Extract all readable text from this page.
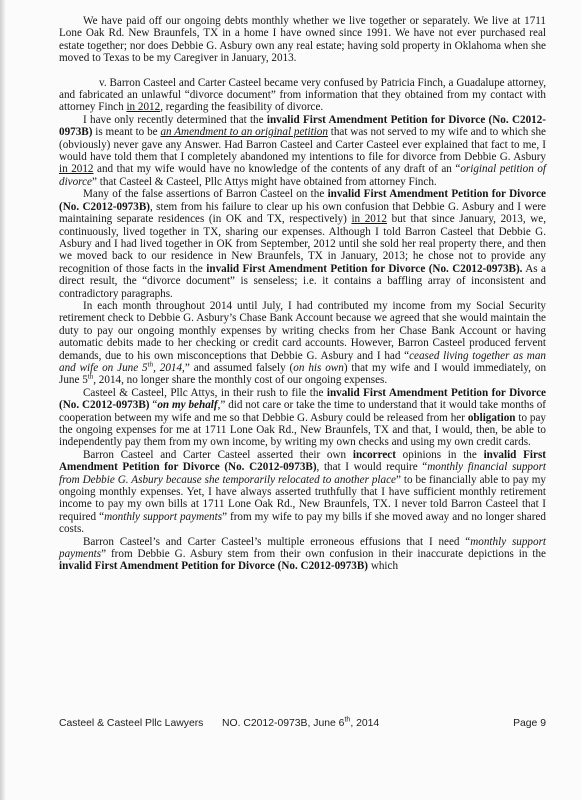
We have paid off our ongoing debts monthly whether we live together or separately. We live at 1711 Lone Oak Rd. New Braunfels, TX in a home I have owned since 1991. We have not ever purchased real estate together; nor does Debbie G. Asbury own any real estate; having sold property in Oklahoma when she moved to Texas to be my Caregiver in January, 2013.

v. Barron Casteel and Carter Casteel became very confused by Patricia Finch, a Guadalupe attorney, and fabricated an unlawful “divorce document” from information that they obtained from my contact with attorney Finch in 2012, regarding the feasibility of divorce.

I have only recently determined that the invalid First Amendment Petition for Divorce (No. C2012-0973B) is meant to be an Amendment to an original petition that was not served to my wife and to which she (obviously) never gave any Answer. Had Barron Casteel and Carter Casteel ever explained that fact to me, I would have told them that I completely abandoned my intentions to file for divorce from Debbie G. Asbury in 2012 and that my wife would have no knowledge of the contents of any draft of an “original petition of divorce” that Casteel & Casteel, Pllc Attys might have obtained from attorney Finch.

Many of the false assertions of Barron Casteel on the invalid First Amendment Petition for Divorce (No. C2012-0973B), stem from his failure to clear up his own confusion that Debbie G. Asbury and I were maintaining separate residences (in OK and TX, respectively) in 2012 but that since January, 2013, we, continuously, lived together in TX, sharing our expenses. Although I told Barron Casteel that Debbie G. Asbury and I had lived together in OK from September, 2012 until she sold her real property there, and then we moved back to our residence in New Braunfels, TX in January, 2013; he chose not to provide any recognition of those facts in the invalid First Amendment Petition for Divorce (No. C2012-0973B). As a direct result, the “divorce document” is senseless; i.e. it contains a baffling array of inconsistent and contradictory paragraphs.

In each month throughout 2014 until July, I had contributed my income from my Social Security retirement check to Debbie G. Asbury’s Chase Bank Account because we agreed that she would maintain the duty to pay our ongoing monthly expenses by writing checks from her Chase Bank Account or having automatic debits made to her checking or credit card accounts. However, Barron Casteel produced fervent demands, due to his own misconceptions that Debbie G. Asbury and I had “ceased living together as man and wife on June 5th, 2014,” and assumed falsely (on his own) that my wife and I would immediately, on June 5th, 2014, no longer share the monthly cost of our ongoing expenses.

Casteel & Casteel, Pllc Attys, in their rush to file the invalid First Amendment Petition for Divorce (No. C2012-0973B) “on my behalf,” did not care or take the time to understand that it would take months of cooperation between my wife and me so that Debbie G. Asbury could be released from her obligation to pay the ongoing expenses for me at 1711 Lone Oak Rd., New Braunfels, TX and that, I would, then, be able to independently pay them from my own income, by writing my own checks and using my own credit cards.

Barron Casteel and Carter Casteel asserted their own incorrect opinions in the invalid First Amendment Petition for Divorce (No. C2012-0973B), that I would require “monthly financial support from Debbie G. Asbury because she temporarily relocated to another place” to be financially able to pay my ongoing monthly expenses. Yet, I have always asserted truthfully that I have sufficient monthly retirement income to pay my own bills at 1711 Lone Oak Rd., New Braunfels, TX. I never told Barron Casteel that I required “monthly support payments” from my wife to pay my bills if she moved away and no longer shared costs.

Barron Casteel’s and Carter Casteel’s multiple erroneous effusions that I need “monthly support payments” from Debbie G. Asbury stem from their own confusion in their inaccurate depictions in the invalid First Amendment Petition for Divorce (No. C2012-0973B) which

Casteel & Casteel Pllc Lawyers NO. C2012-0973B, June 6th, 2014	Page 9
